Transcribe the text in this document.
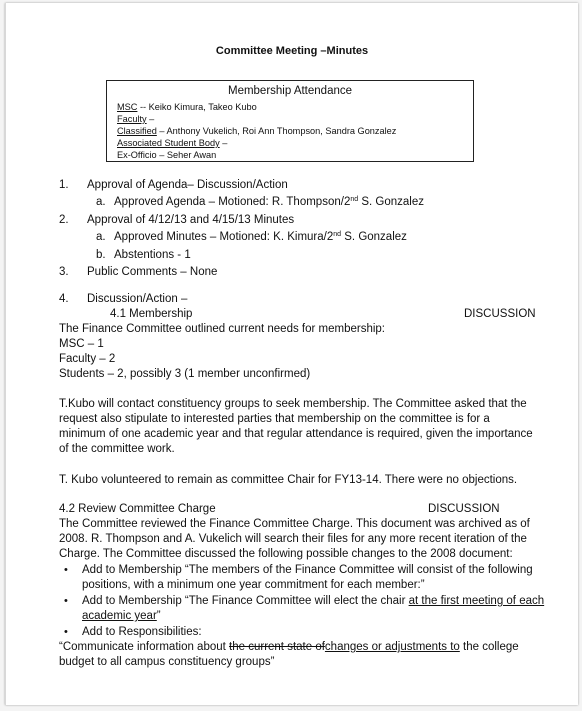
Committee Meeting –Minutes
Membership Attendance
MSC -- Keiko Kimura, Takeo Kubo
Faculty –
Classified – Anthony Vukelich, Roi Ann Thompson, Sandra Gonzalez
Associated Student Body –
Ex-Officio – Seher Awan
1. Approval of Agenda– Discussion/Action
a. Approved Agenda – Motioned: R. Thompson/2nd S. Gonzalez
2. Approval of 4/12/13 and 4/15/13 Minutes
a. Approved Minutes – Motioned: K. Kimura/2nd S. Gonzalez
b. Abstentions - 1
3. Public Comments – None
4. Discussion/Action –
4.1 Membership	DISCUSSION
The Finance Committee outlined current needs for membership:
MSC – 1
Faculty – 2
Students – 2, possibly 3 (1 member unconfirmed)
T.Kubo will contact constituency groups to seek membership. The Committee asked that the
request also stipulate to interested parties that membership on the committee is for a
minimum of one academic year and that regular attendance is required, given the importance
of the committee work.
T. Kubo volunteered to remain as committee Chair for FY13-14. There were no objections.
4.2 Review Committee Charge	DISCUSSION
The Committee reviewed the Finance Committee Charge. This document was archived as of
2008. R. Thompson and A. Vukelich will search their files for any more recent iteration of the
Charge. The Committee discussed the following possible changes to the 2008 document:
• Add to Membership “The members of the Finance Committee will consist of the following
positions, with a minimum one year commitment for each member:”
• Add to Membership “The Finance Committee will elect the chair at the first meeting of each
academic year”
• Add to Responsibilities:
“Communicate information about the current state ofchanges or adjustments to the college
budget to all campus constituency groups”
